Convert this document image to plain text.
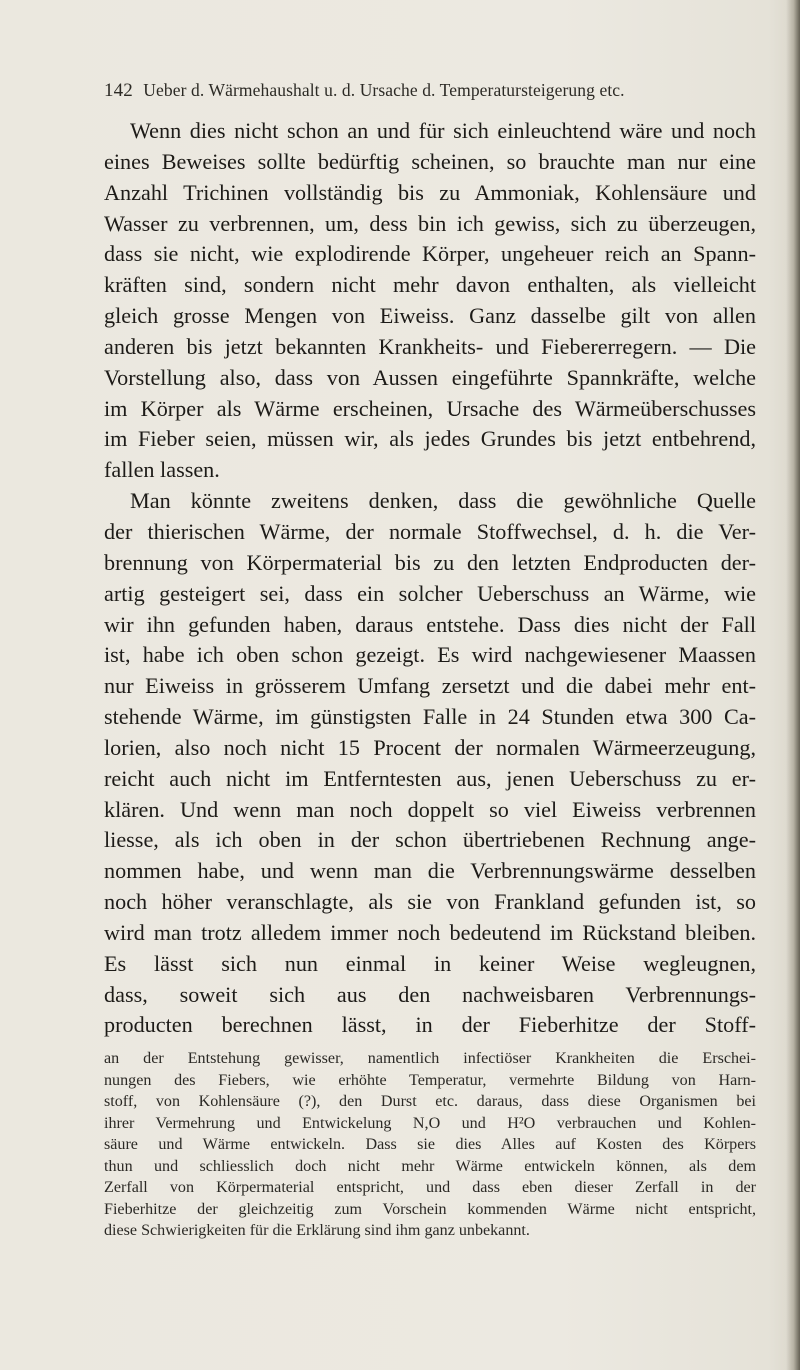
142 Ueber d. Wärmehaushalt u. d. Ursache d. Temperatursteigerung etc.
Wenn dies nicht schon an und für sich einleuchtend wäre und noch
eines Beweises sollte bedürftig scheinen, so brauchte man nur eine
Anzahl Trichinen vollständig bis zu Ammoniak, Kohlensäure und
Wasser zu verbrennen, um, dess bin ich gewiss, sich zu überzeugen,
dass sie nicht, wie explodirende Körper, ungeheuer reich an Spann-
kräften sind, sondern nicht mehr davon enthalten, als vielleicht
gleich grosse Mengen von Eiweiss. Ganz dasselbe gilt von allen
anderen bis jetzt bekannten Krankheits- und Fiebererregern. — Die
Vorstellung also, dass von Aussen eingeführte Spannkräfte, welche
im Körper als Wärme erscheinen, Ursache des Wärmeüberschusses
im Fieber seien, müssen wir, als jedes Grundes bis jetzt entbehrend,
fallen lassen.
Man könnte zweitens denken, dass die gewöhnliche Quelle
der thierischen Wärme, der normale Stoffwechsel, d. h. die Ver-
brennung von Körpermaterial bis zu den letzten Endproducten der-
artig gesteigert sei, dass ein solcher Ueberschuss an Wärme, wie
wir ihn gefunden haben, daraus entstehe. Dass dies nicht der Fall
ist, habe ich oben schon gezeigt. Es wird nachgewiesener Maassen
nur Eiweiss in grösserem Umfang zersetzt und die dabei mehr ent-
stehende Wärme, im günstigsten Falle in 24 Stunden etwa 300 Ca-
lorien, also noch nicht 15 Procent der normalen Wärmeerzeugung,
reicht auch nicht im Entferntesten aus, jenen Ueberschuss zu er-
klären. Und wenn man noch doppelt so viel Eiweiss verbrennen
liesse, als ich oben in der schon übertriebenen Rechnung ange-
nommen habe, und wenn man die Verbrennungswärme desselben
noch höher veranschlagte, als sie von Frankland gefunden ist, so
wird man trotz alledem immer noch bedeutend im Rückstand bleiben.
Es lässt sich nun einmal in keiner Weise wegleugnen,
dass, soweit sich aus den nachweisbaren Verbrennungs-
producten berechnen lässt, in der Fieberhitze der Stoff-
an der Entstehung gewisser, namentlich infectiöser Krankheiten die Erschei-
nungen des Fiebers, wie erhöhte Temperatur, vermehrte Bildung von Harn-
stoff, von Kohlensäure (?), den Durst etc. daraus, dass diese Organismen bei
ihrer Vermehrung und Entwickelung N,O und H²O verbrauchen und Kohlen-
säure und Wärme entwickeln. Dass sie dies Alles auf Kosten des Körpers
thun und schliesslich doch nicht mehr Wärme entwickeln können, als dem
Zerfall von Körpermaterial entspricht, und dass eben dieser Zerfall in der
Fieberhitze der gleichzeitig zum Vorschein kommenden Wärme nicht entspricht,
diese Schwierigkeiten für die Erklärung sind ihm ganz unbekannt.
